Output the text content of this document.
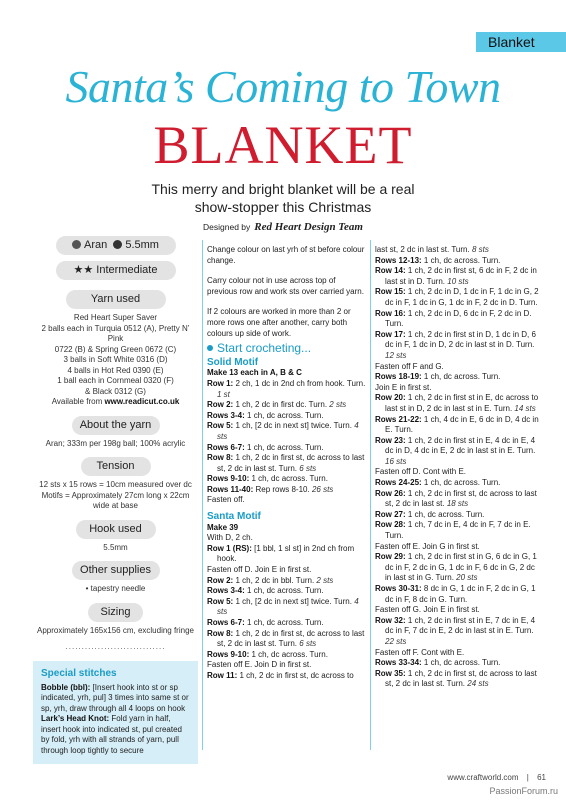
Blanket
Santa’s Coming to Town
BLANKET
This merry and bright blanket will be a real
show-stopper this Christmas
Designed by Red Heart Design Team
Aran 5.5mm
★★ Intermediate
Yarn used
Red Heart Super Saver
2 balls each in Turquia 0512 (A), Pretty N’ Pink
0722 (B) & Spring Green 0672 (C)
3 balls in Soft White 0316 (D)
4 balls in Hot Red 0390 (E)
1 ball each in Cornmeal 0320 (F)
& Black 0312 (G)
Available from www.readicut.co.uk
About the yarn
Aran; 333m per 198g ball; 100% acrylic
Tension
12 sts x 15 rows = 10cm measured over dc
Motifs = Approximately 27cm long x 22cm
wide at base
Hook used
5.5mm
Other supplies
• tapestry needle
Sizing
Approximately 165x156 cm, excluding fringe
...............................
Special stitches
Bobble (bbl): [Insert hook into st or sp indicated, yrh, pul] 3 times into same st or sp, yrh, draw through all 4 loops on hook
Lark’s Head Knot: Fold yarn in half, insert hook into indicated st, pul created by fold, yrh with all strands of yarn, pull through loop tightly to secure

Change colour on last yrh of st before colour change.

Carry colour not in use across top of previous row and work sts over carried yarn.

If 2 colours are worked in more than 2 or more rows one after another, carry both colours up side of work.

Start crocheting...
Solid Motif

Make 13 each in A, B & C

Row 1: 2 ch, 1 dc in 2nd ch from hook. Turn. 1 st

Row 2: 1 ch, 2 dc in first dc. Turn. 2 sts

Rows 3-4: 1 ch, dc across. Turn.

Row 5: 1 ch, [2 dc in next st] twice. Turn. 4 sts

Rows 6-7: 1 ch, dc across. Turn.

Row 8: 1 ch, 2 dc in first st, dc across to last st, 2 dc in last st. Turn. 6 sts

Rows 9-10: 1 ch, dc across. Turn.

Rows 11-40: Rep rows 8-10. 26 sts

Fasten off.

Santa Motif

Make 39

With D, 2 ch.

Row 1 (RS): [1 bbl, 1 sl st] in 2nd ch from hook.

Fasten off D. Join E in first st.

Row 2: 1 ch, 2 dc in bbl. Turn. 2 sts

Rows 3-4: 1 ch, dc across. Turn.

Row 5: 1 ch, [2 dc in next st] twice. Turn. 4 sts

Rows 6-7: 1 ch, dc across. Turn.

Row 8: 1 ch, 2 dc in first st, dc across to last st, 2 dc in last st. Turn. 6 sts

Rows 9-10: 1 ch, dc across. Turn.

Fasten off E. Join D in first st.

Row 11: 1 ch, 2 dc in first st, dc across to

last st, 2 dc in last st. Turn. 8 sts

Rows 12-13: 1 ch, dc across. Turn.

Row 14: 1 ch, 2 dc in first st, 6 dc in F, 2 dc in last st in D. Turn. 10 sts

Row 15: 1 ch, 2 dc in D, 1 dc in F, 1 dc in G, 2 dc in F, 1 dc in G, 1 dc in F, 2 dc in D. Turn.

Row 16: 1 ch, 2 dc in D, 6 dc in F, 2 dc in D. Turn.

Row 17: 1 ch, 2 dc in first st in D, 1 dc in D, 6 dc in F, 1 dc in D, 2 dc in last st in D. Turn. 12 sts

Fasten off F and G.

Rows 18-19: 1 ch, dc across. Turn.

Join E in first st.

Row 20: 1 ch, 2 dc in first st in E, dc across to last st in D, 2 dc in last st in E. Turn. 14 sts

Rows 21-22: 1 ch, 4 dc in E, 6 dc in D, 4 dc in E. Turn.

Row 23: 1 ch, 2 dc in first st in E, 4 dc in E, 4 dc in D, 4 dc in E, 2 dc in last st in E. Turn. 16 sts

Fasten off D. Cont with E.

Rows 24-25: 1 ch, dc across. Turn.

Row 26: 1 ch, 2 dc in first st, dc across to last st, 2 dc in last st. 18 sts

Row 27: 1 ch, dc across. Turn.

Row 28: 1 ch, 7 dc in E, 4 dc in F, 7 dc in E. Turn.

Fasten off E. Join G in first st.

Row 29: 1 ch, 2 dc in first st in G, 6 dc in G, 1 dc in F, 2 dc in G, 1 dc in F, 6 dc in G, 2 dc in last st in G. Turn. 20 sts

Rows 30-31: 8 dc in G, 1 dc in F, 2 dc in G, 1 dc in F, 8 dc in G. Turn.

Fasten off G. Join E in first st.

Row 32: 1 ch, 2 dc in first st in E, 7 dc in E, 4 dc in F, 7 dc in E, 2 dc in last st in E. Turn. 22 sts

Fasten off F. Cont with E.

Rows 33-34: 1 ch, dc across. Turn.

Row 35: 1 ch, 2 dc in first st, dc across to last st, 2 dc in last st. Turn. 24 sts

www.craftworld.com | 61
PassionForum.ru
